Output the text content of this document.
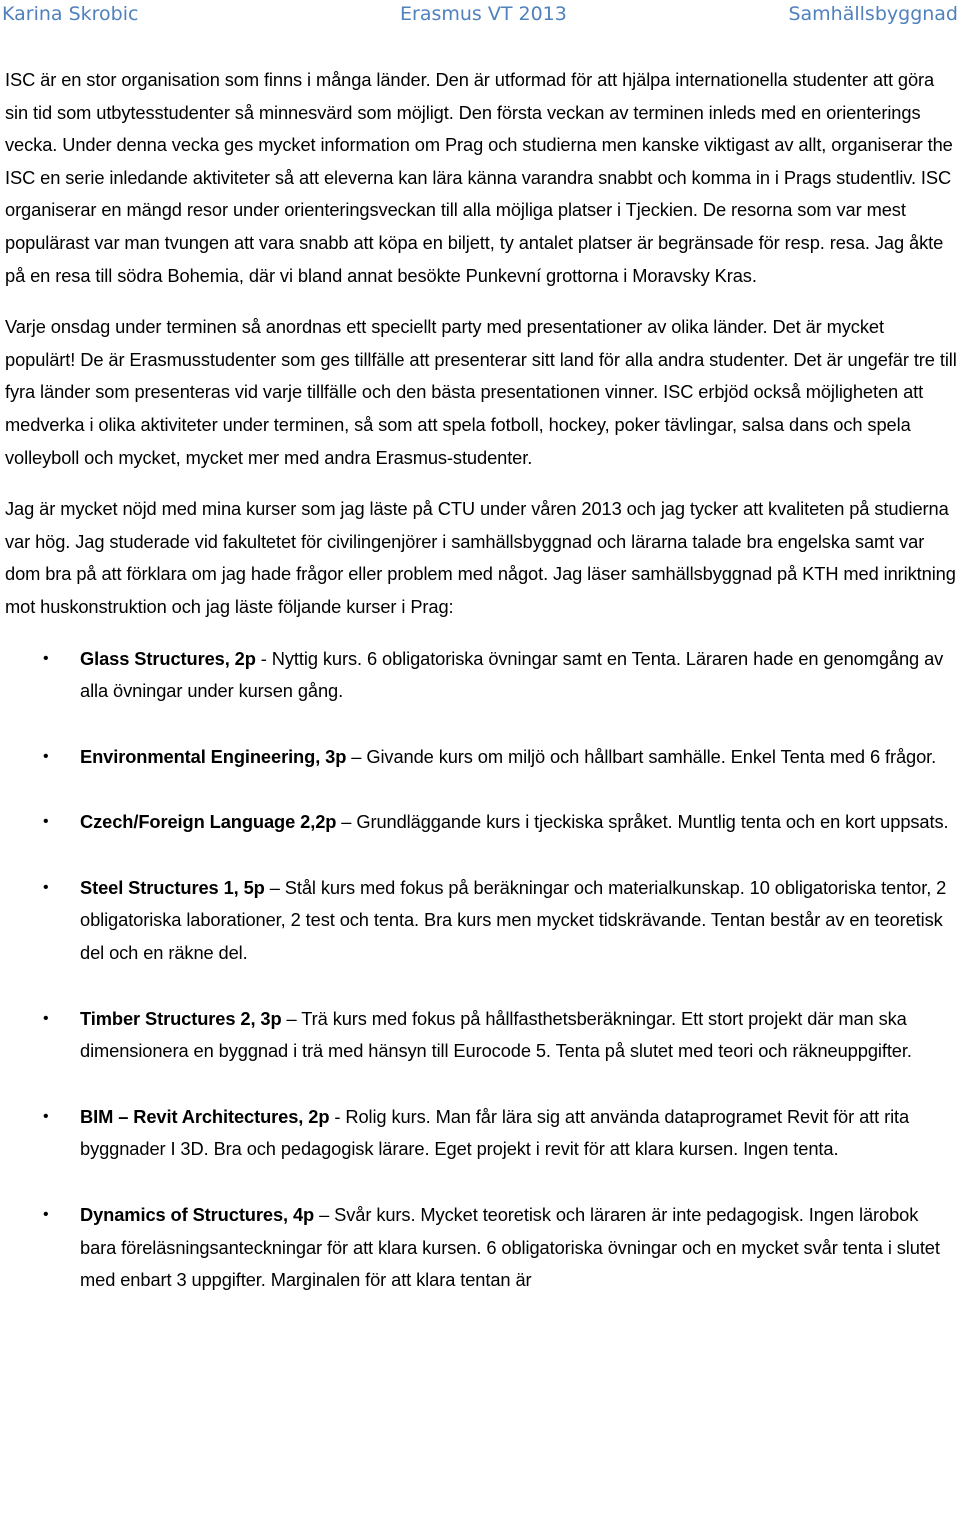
Karina Skrobic	Erasmus VT 2013	Samhällsbyggnad

ISC är en stor organisation som finns i många länder. Den är utformad för att hjälpa internationella studenter att göra sin tid som utbytesstudenter så minnesvärd som möjligt. Den första veckan av terminen inleds med en orienterings vecka. Under denna vecka ges mycket information om Prag och studierna men kanske viktigast av allt, organiserar the ISC en serie inledande aktiviteter så att eleverna kan lära känna varandra snabbt och komma in i Prags studentliv. ISC organiserar en mängd resor under orienteringsveckan till alla möjliga platser i Tjeckien. De resorna som var mest populärast var man tvungen att vara snabb att köpa en biljett, ty antalet platser är begränsade för resp. resa. Jag åkte på en resa till södra Bohemia, där vi bland annat besökte Punkevní grottorna i Moravsky Kras.

Varje onsdag under terminen så anordnas ett speciellt party med presentationer av olika länder. Det är mycket populärt! De är Erasmusstudenter som ges tillfälle att presenterar sitt land för alla andra studenter. Det är ungefär tre till fyra länder som presenteras vid varje tillfälle och den bästa presentationen vinner. ISC erbjöd också möjligheten att medverka i olika aktiviteter under terminen, så som att spela fotboll, hockey, poker tävlingar, salsa dans och spela volleyboll och mycket, mycket mer med andra Erasmus-studenter.

Jag är mycket nöjd med mina kurser som jag läste på CTU under våren 2013 och jag tycker att kvaliteten på studierna var hög. Jag studerade vid fakultetet för civilingenjörer i samhällsbyggnad och lärarna talade bra engelska samt var dom bra på att förklara om jag hade frågor eller problem med något. Jag läser samhällsbyggnad på KTH med inriktning mot huskonstruktion och jag läste följande kurser i Prag:

• Glass Structures, 2p - Nyttig kurs. 6 obligatoriska övningar samt en Tenta. Läraren hade en genomgång av alla övningar under kursen gång.
• Environmental Engineering, 3p – Givande kurs om miljö och hållbart samhälle. Enkel Tenta med 6 frågor.
• Czech/Foreign Language 2,2p – Grundläggande kurs i tjeckiska språket. Muntlig tenta och en kort uppsats.
• Steel Structures 1, 5p – Stål kurs med fokus på beräkningar och materialkunskap. 10 obligatoriska tentor, 2 obligatoriska laborationer, 2 test och tenta. Bra kurs men mycket tidskrävande. Tentan består av en teoretisk del och en räkne del.
• Timber Structures 2, 3p – Trä kurs med fokus på hållfasthetsberäkningar. Ett stort projekt där man ska dimensionera en byggnad i trä med hänsyn till Eurocode 5. Tenta på slutet med teori och räkneuppgifter.
• BIM – Revit Architectures, 2p - Rolig kurs. Man får lära sig att använda dataprogramet Revit för att rita byggnader I 3D. Bra och pedagogisk lärare. Eget projekt i revit för att klara kursen. Ingen tenta.
• Dynamics of Structures, 4p – Svår kurs. Mycket teoretisk och läraren är inte pedagogisk. Ingen lärobok bara föreläsningsanteckningar för att klara kursen. 6 obligatoriska övningar och en mycket svår tenta i slutet med enbart 3 uppgifter. Marginalen för att klara tentan är
